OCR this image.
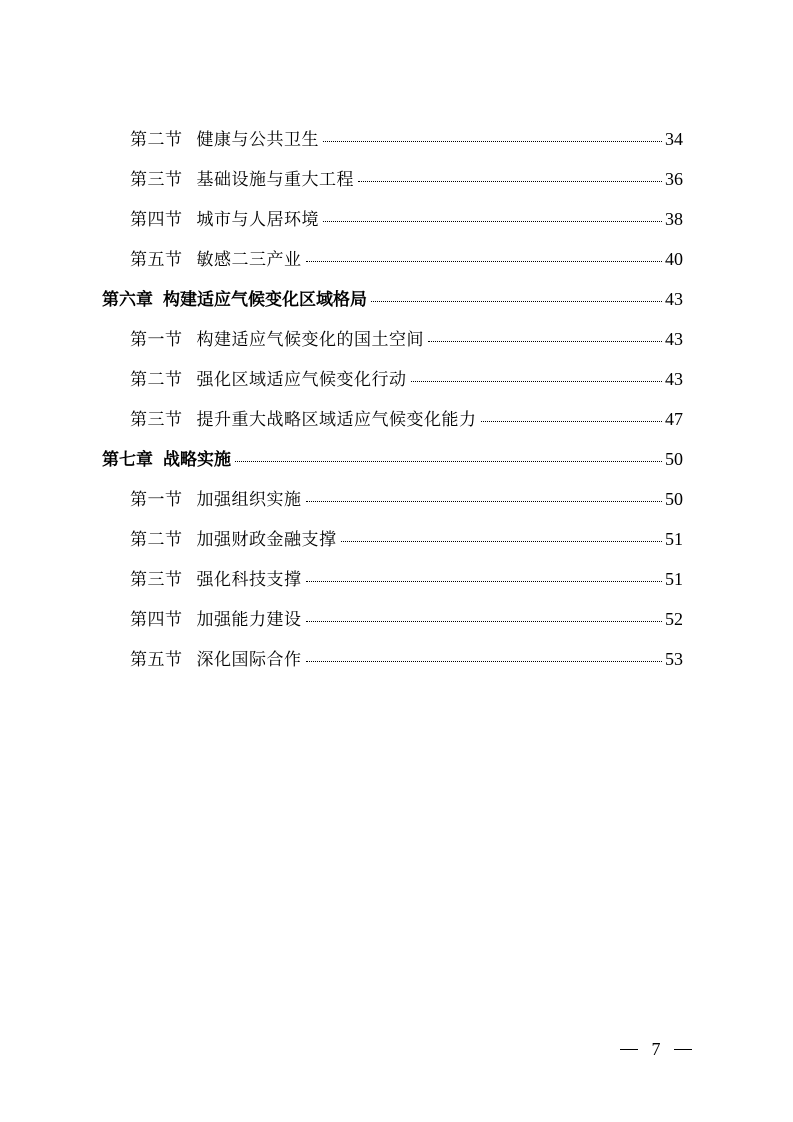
第二节 健康与公共卫生	34
第三节 基础设施与重大工程	36
第四节 城市与人居环境	38
第五节 敏感二三产业	40
第六章 构建适应气候变化区域格局	43
第一节 构建适应气候变化的国土空间	43
第二节 强化区域适应气候变化行动	43
第三节 提升重大战略区域适应气候变化能力	47
第七章 战略实施	50
第一节 加强组织实施	50
第二节 加强财政金融支撑	51
第三节 强化科技支撑	51
第四节 加强能力建设	52
第五节 深化国际合作	53
7
